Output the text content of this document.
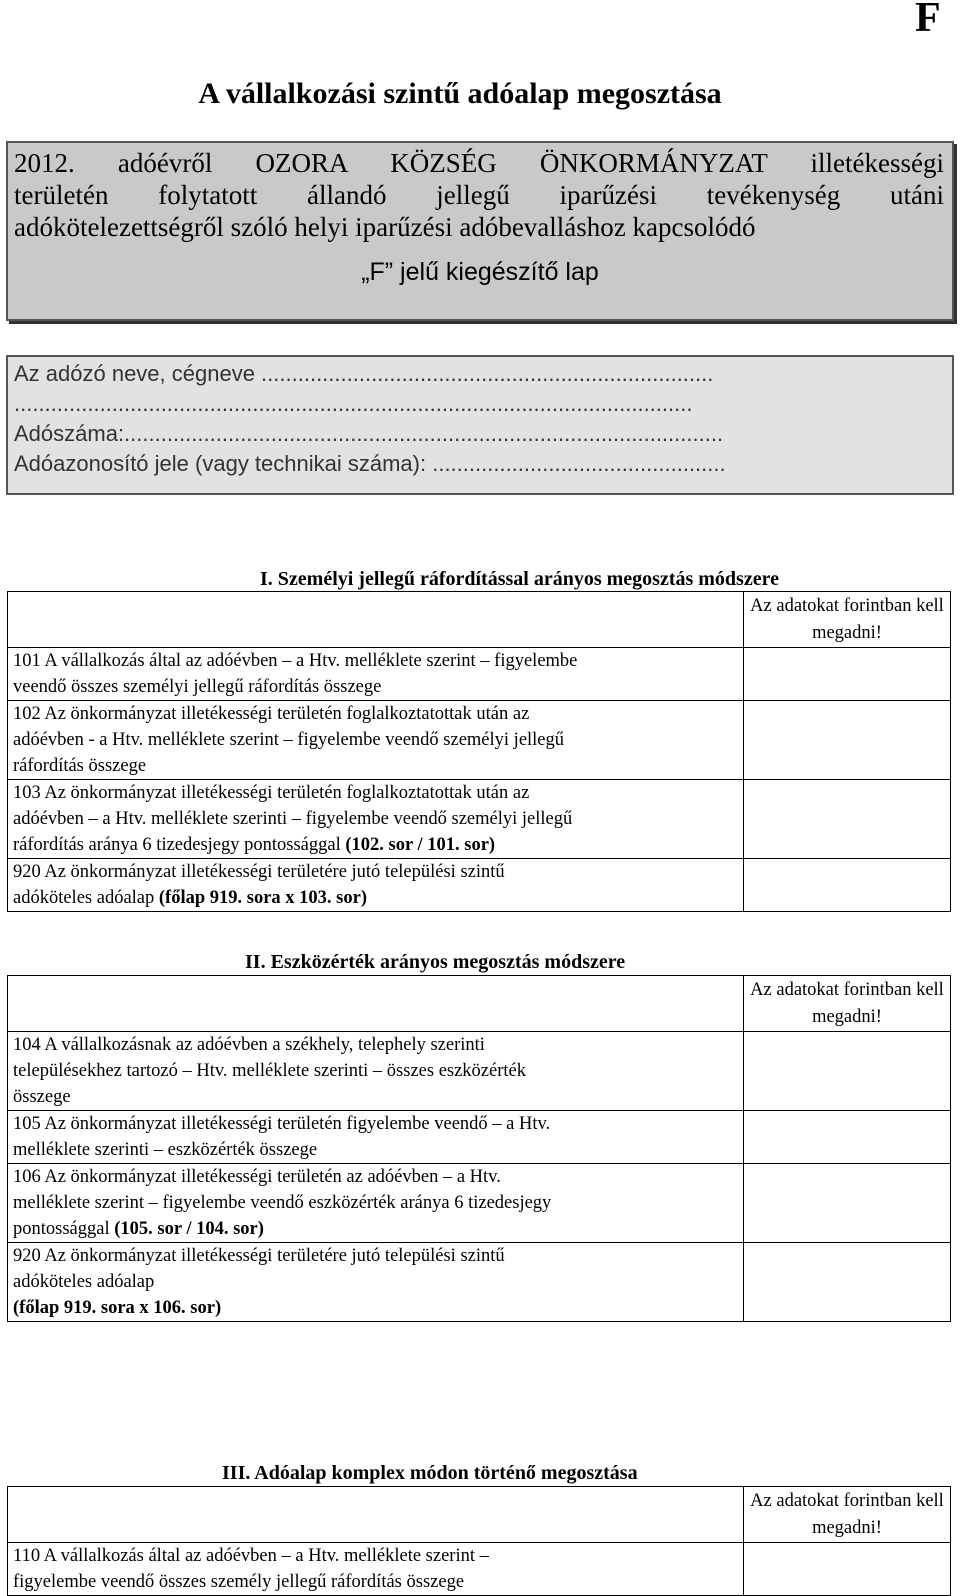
F
A vállalkozási szintű adóalap megosztása
2012. adóévről OZORA KÖZSÉG ÖNKORMÁNYZAT illetékességi
területén folytatott állandó jellegű iparűzési tevékenység utáni
adókötelezettségről szóló helyi iparűzési adóbevalláshoz kapcsolódó
„F” jelű kiegészítő lap
Az adózó neve, cégneve ..........................................................................
...............................................................................................................
Adószáma:..................................................................................................
Adóazonosító jele (vagy technikai száma): ................................................
I. Személyi jellegű ráfordítással arányos megosztás módszere
	Az adatokat forintban kell megadni!

101 A vállalkozás által az adóévben – a Htv. melléklete szerint – figyelembe
veendő összes személyi jellegű ráfordítás összege	

102 Az önkormányzat illetékességi területén foglalkoztatottak után az
adóévben - a Htv. melléklete szerint – figyelembe veendő személyi jellegű
ráfordítás összege	

103 Az önkormányzat illetékességi területén foglalkoztatottak után az
adóévben – a Htv. melléklete szerinti – figyelembe veendő személyi jellegű
ráfordítás aránya 6 tizedesjegy pontossággal (102. sor / 101. sor)	

920 Az önkormányzat illetékességi területére jutó települési szintű
adóköteles adóalap (főlap 919. sora x 103. sor)	

II. Eszközérték arányos megosztás módszere
	Az adatokat forintban kell megadni!

104 A vállalkozásnak az adóévben a székhely, telephely szerinti
településekhez tartozó – Htv. melléklete szerinti – összes eszközérték
összege	

105 Az önkormányzat illetékességi területén figyelembe veendő – a Htv.
melléklete szerinti – eszközérték összege	

106 Az önkormányzat illetékességi területén az adóévben – a Htv.
melléklete szerint – figyelembe veendő eszközérték aránya 6 tizedesjegy
pontossággal (105. sor / 104. sor)	

920 Az önkormányzat illetékességi területére jutó települési szintű
adóköteles adóalap
(főlap 919. sora x 106. sor)	

III. Adóalap komplex módon történő megosztása
	Az adatokat forintban kell megadni!

110 A vállalkozás által az adóévben – a Htv. melléklete szerint –
figyelembe veendő összes személy jellegű ráfordítás összege	
